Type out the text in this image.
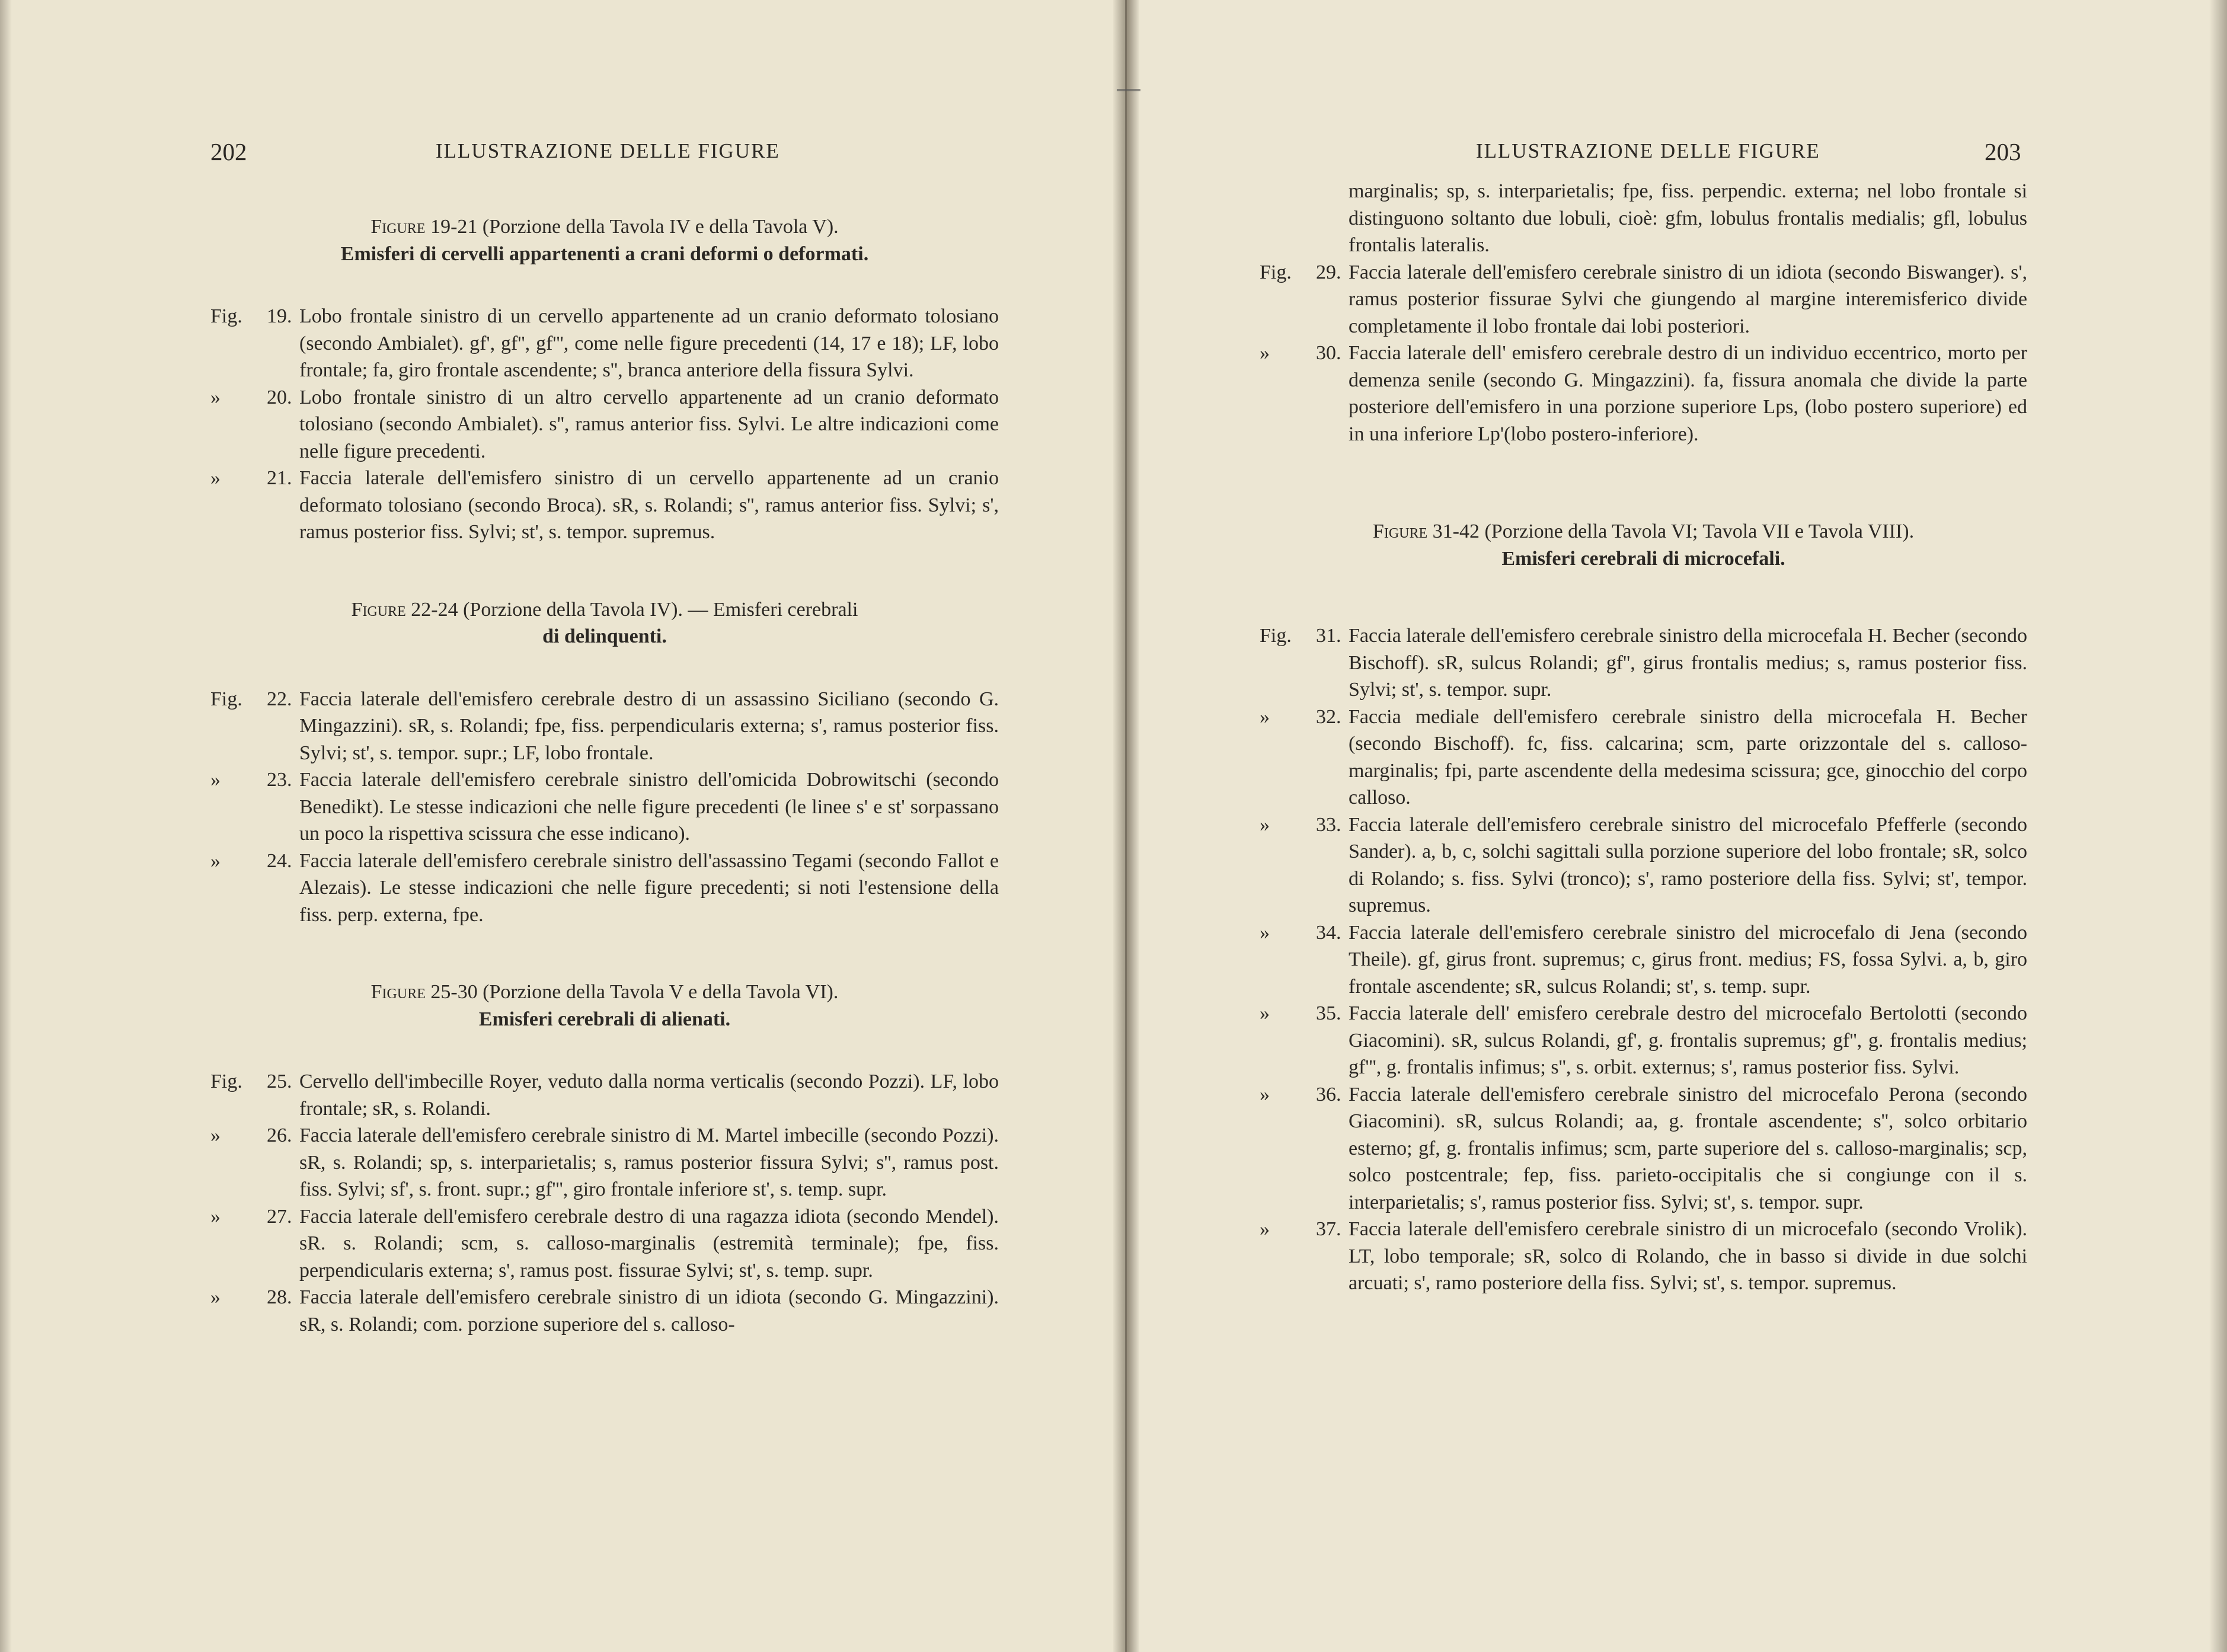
202	ILLUSTRAZIONE DELLE FIGURE
Figure 19-21 (Porzione della Tavola IV e della Tavola V).
Emisferi di cervelli appartenenti a crani deformi o deformati.
Fig.	19. Lobo frontale sinistro di un cervello appartenente ad un cranio deformato tolosiano (secondo Ambialet). gf', gf'', gf''', come nelle figure precedenti (14, 17 e 18); LF, lobo frontale; fa, giro frontale ascendente; s'', branca anteriore della fissura Sylvi.
»	20. Lobo frontale sinistro di un altro cervello appartenente ad un cranio deformato tolosiano (secondo Ambialet). s'', ramus anterior fiss. Sylvi. Le altre indicazioni come nelle figure precedenti.
»	21. Faccia laterale dell'emisfero sinistro di un cervello appartenente ad un cranio deformato tolosiano (secondo Broca). sR, s. Rolandi; s'', ramus anterior fiss. Sylvi; s', ramus posterior fiss. Sylvi; st', s. tempor. supremus.
Figure 22-24 (Porzione della Tavola IV). — Emisferi cerebrali
di delinquenti.
Fig.	22. Faccia laterale dell'emisfero cerebrale destro di un assassino Siciliano (secondo G. Mingazzini). sR, s. Rolandi; fpe, fiss. perpendicularis externa; s', ramus posterior fiss. Sylvi; st', s. tempor. supr.; LF, lobo frontale.
»	23. Faccia laterale dell'emisfero cerebrale sinistro dell'omicida Dobrowitschi (secondo Benedikt). Le stesse indicazioni che nelle figure precedenti (le linee s' e st' sorpassano un poco la rispettiva scissura che esse indicano).
»	24. Faccia laterale dell'emisfero cerebrale sinistro dell'assassino Tegami (secondo Fallot e Alezais). Le stesse indicazioni che nelle figure precedenti; si noti l'estensione della fiss. perp. externa, fpe.
Figure 25-30 (Porzione della Tavola V e della Tavola VI).
Emisferi cerebrali di alienati.
Fig.	25. Cervello dell'imbecille Royer, veduto dalla norma verticalis (secondo Pozzi). LF, lobo frontale; sR, s. Rolandi.
»	26. Faccia laterale dell'emisfero cerebrale sinistro di M. Martel imbecille (secondo Pozzi). sR, s. Rolandi; sp, s. interparietalis; s, ramus posterior fissura Sylvi; s'', ramus post. fiss. Sylvi; sf', s. front. supr.; gf''', giro frontale inferiore st', s. temp. supr.
»	27. Faccia laterale dell'emisfero cerebrale destro di una ragazza idiota (secondo Mendel). sR. s. Rolandi; scm, s. calloso-marginalis (estremità terminale); fpe, fiss. perpendicularis externa; s', ramus post. fissurae Sylvi; st', s. temp. supr.
»	28. Faccia laterale dell'emisfero cerebrale sinistro di un idiota (secondo G. Mingazzini). sR, s. Rolandi; com. porzione superiore del s. calloso-
ILLUSTRAZIONE DELLE FIGURE	203
marginalis; sp, s. interparietalis; fpe, fiss. perpendic. externa; nel lobo frontale si distinguono soltanto due lobuli, cioè: gfm, lobulus frontalis medialis; gfl, lobulus frontalis lateralis.
Fig.	29. Faccia laterale dell'emisfero cerebrale sinistro di un idiota (secondo Biswanger). s', ramus posterior fissurae Sylvi che giungendo al margine interemisferico divide completamente il lobo frontale dai lobi posteriori.
»	30. Faccia laterale dell' emisfero cerebrale destro di un individuo eccentrico, morto per demenza senile (secondo G. Mingazzini). fa, fissura anomala che divide la parte posteriore dell'emisfero in una porzione superiore Lps, (lobo postero superiore) ed in una inferiore Lp'(lobo postero-inferiore).
Figure 31-42 (Porzione della Tavola VI; Tavola VII e Tavola VIII).
Emisferi cerebrali di microcefali.
Fig.	31. Faccia laterale dell'emisfero cerebrale sinistro della microcefala H. Becher (secondo Bischoff). sR, sulcus Rolandi; gf'', girus frontalis medius; s, ramus posterior fiss. Sylvi; st', s. tempor. supr.
»	32. Faccia mediale dell'emisfero cerebrale sinistro della microcefala H. Becher (secondo Bischoff). fc, fiss. calcarina; scm, parte orizzontale del s. calloso-marginalis; fpi, parte ascendente della medesima scissura; gce, ginocchio del corpo calloso.
»	33. Faccia laterale dell'emisfero cerebrale sinistro del microcefalo Pfefferle (secondo Sander). a, b, c, solchi sagittali sulla porzione superiore del lobo frontale; sR, solco di Rolando; s. fiss. Sylvi (tronco); s', ramo posteriore della fiss. Sylvi; st', tempor. supremus.
»	34. Faccia laterale dell'emisfero cerebrale sinistro del microcefalo di Jena (secondo Theile). gf, girus front. supremus; c, girus front. medius; FS, fossa Sylvi. a, b, giro frontale ascendente; sR, sulcus Rolandi; st', s. temp. supr.
»	35. Faccia laterale dell' emisfero cerebrale destro del microcefalo Bertolotti (secondo Giacomini). sR, sulcus Rolandi, gf', g. frontalis supremus; gf'', g. frontalis medius; gf''', g. frontalis infimus; s'', s. orbit. externus; s', ramus posterior fiss. Sylvi.
»	36. Faccia laterale dell'emisfero cerebrale sinistro del microcefalo Perona (secondo Giacomini). sR, sulcus Rolandi; aa, g. frontale ascendente; s'', solco orbitario esterno; gf, g. frontalis infimus; scm, parte superiore del s. calloso-marginalis; scp, solco postcentrale; fep, fiss. parieto-occipitalis che si congiunge con il s. interparietalis; s', ramus posterior fiss. Sylvi; st', s. tempor. supr.
»	37. Faccia laterale dell'emisfero cerebrale sinistro di un microcefalo (secondo Vrolik). LT, lobo temporale; sR, solco di Rolando, che in basso si divide in due solchi arcuati; s', ramo posteriore della fiss. Sylvi; st', s. tempor. supremus.
